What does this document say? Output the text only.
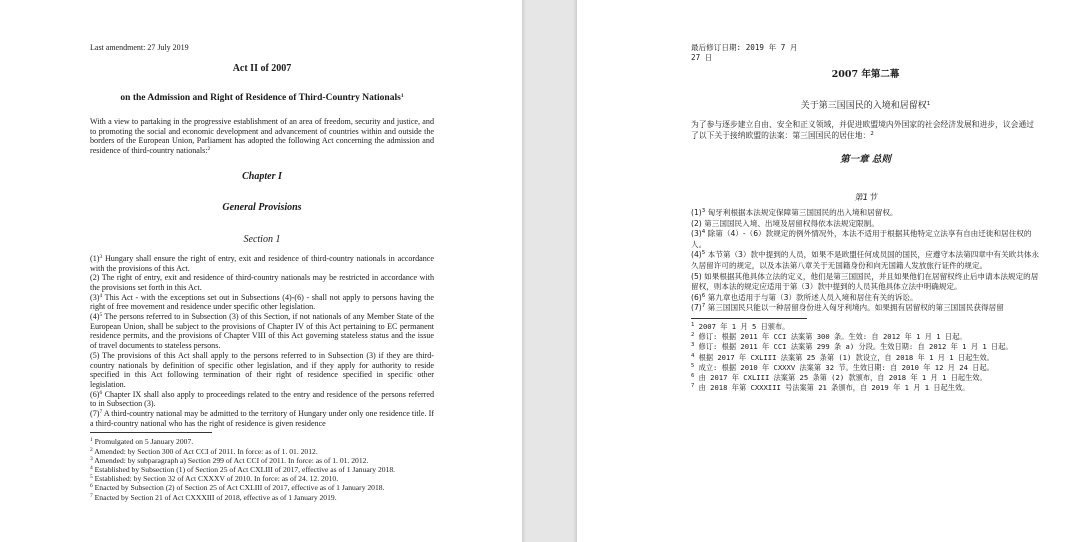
Last amendment: 27 July 2019
Act II of 2007
on the Admission and Right of Residence of Third-Country Nationals$^1$
With a view to partaking in the progressive establishment of an area of freedom, security and justice, and to promoting the social and economic development and advancement of countries within and outside the borders of the European Union, Parliament has adopted the following Act concerning the admission and residence of third-country nationals:$^2$
Chapter I
General Provisions
Section 1

$(1)^3$ Hungary shall ensure the right of entry, exit and residence of third-country nationals in accordance with the provisions of this Act.

(2) The right of entry, exit and residence of third-country nationals may be restricted in accordance with the provisions set forth in this Act.

$(3)^4$ This Act - with the exceptions set out in Subsections (4)-(6) - shall not apply to persons having the right of free movement and residence under specific other legislation.

$(4)^5$ The persons referred to in Subsection (3) of this Section, if not nationals of any Member State of the European Union, shall be subject to the provisions of Chapter IV of this Act pertaining to EC permanent residence permits, and the provisions of Chapter VIII of this Act governing stateless status and the issue of travel documents to stateless persons.

(5) The provisions of this Act shall apply to the persons referred to in Subsection (3) if they are third-country nationals by definition of specific other legislation, and if they apply for authority to reside specified in this Act following termination of their right of residence specified in specific other legislation.

$(6)^6$ Chapter IX shall also apply to proceedings related to the entry and residence of the persons referred to in Subsection (3).

$(7)^7$ A third-country national may be admitted to the territory of Hungary under only one residence title. If a third-country national who has the right of residence is given residence

$^1$ Promulgated on 5 January 2007.

$^2$ Amended: by Section 300 of Act CCI of 2011. In force: as of 1. 01. 2012.

$^3$ Amended: by subparagraph a) Section 299 of Act CCI of 2011. In force: as of 1. 01. 2012.

$^4$ Established by Subsection (1) of Section 25 of Act CXLIII of 2017, effective as of 1 January 2018.

$^5$ Established: by Section 32 of Act CXXXV of 2010. In force: as of 24. 12. 2010.

$^6$ Enacted by Subsection (2) of Section 25 of Act CXLIII of 2017, effective as of 1 January 2018.

$^7$ Enacted by Section 21 of Act CXXXIII of 2018, effective as of 1 January 2019.

最后修订日期: 2019 年 7 月 27 日
2007 年第二幕
关于第三国国民的入境和居留权$^1$
为了参与逐步建立自由、安全和正义领域，并促进欧盟境内外国家的社会经济发展和进步，议会通过了以下关于接纳欧盟的法案：第三国国民的居住地：$^2$
第一章 总则
第1节

$(1)^3$ 匈牙利根据本法规定保障第三国国民的出入境和居留权。

(2) 第三国国民入境、出境及居留权得依本法规定限制。

$(3)^4$ 除第（4）-（6）款规定的例外情况外，本法不适用于根据其他特定立法享有自由迁徙和居住权的人。

$(4)^5$ 本节第（3）款中提到的人员，如果不是欧盟任何成员国的国民，应遵守本法第四章中有关欧共体永久居留许可的规定，以及本法第八章关于无国籍身份和向无国籍人发放旅行证件的规定。

(5) 如果根据其他具体立法的定义，他们是第三国国民，并且如果他们在居留权终止后申请本法规定的居留权，则本法的规定应适用于第（3）款中提到的人员其他具体立法中明确规定。

$(6)^6$ 第九章也适用于与第（3）款所述人员入境和居住有关的诉讼。

$(7)^7$ 第三国国民只能以一种居留身份进入匈牙利境内。如果拥有居留权的第三国国民获得居留

$^1$ 2007 年 1 月 5 日颁布。

$^2$ 修订: 根据 2011 年 CCI 法案第 300 条。生效: 自 2012 年 1 月 1 日起。

$^3$ 修订: 根据 2011 年 CCI 法案第 299 条 a) 分段。生效日期: 自 2012 年 1 月 1 日起。

$^4$ 根据 2017 年 CXLIII 法案第 25 条第 (1) 款设立，自 2018 年 1 月 1 日起生效。

$^5$ 成立: 根据 2010 年 CXXXV 法案第 32 节。生效日期: 自 2010 年 12 月 24 日起。

$^6$ 由 2017 年 CXLIII 法案第 25 条第 (2) 款颁布，自 2018 年 1 月 1 日起生效。

$^7$ 由 2018 年第 CXXXIII 号法案第 21 条颁布，自 2019 年 1 月 1 日起生效。
